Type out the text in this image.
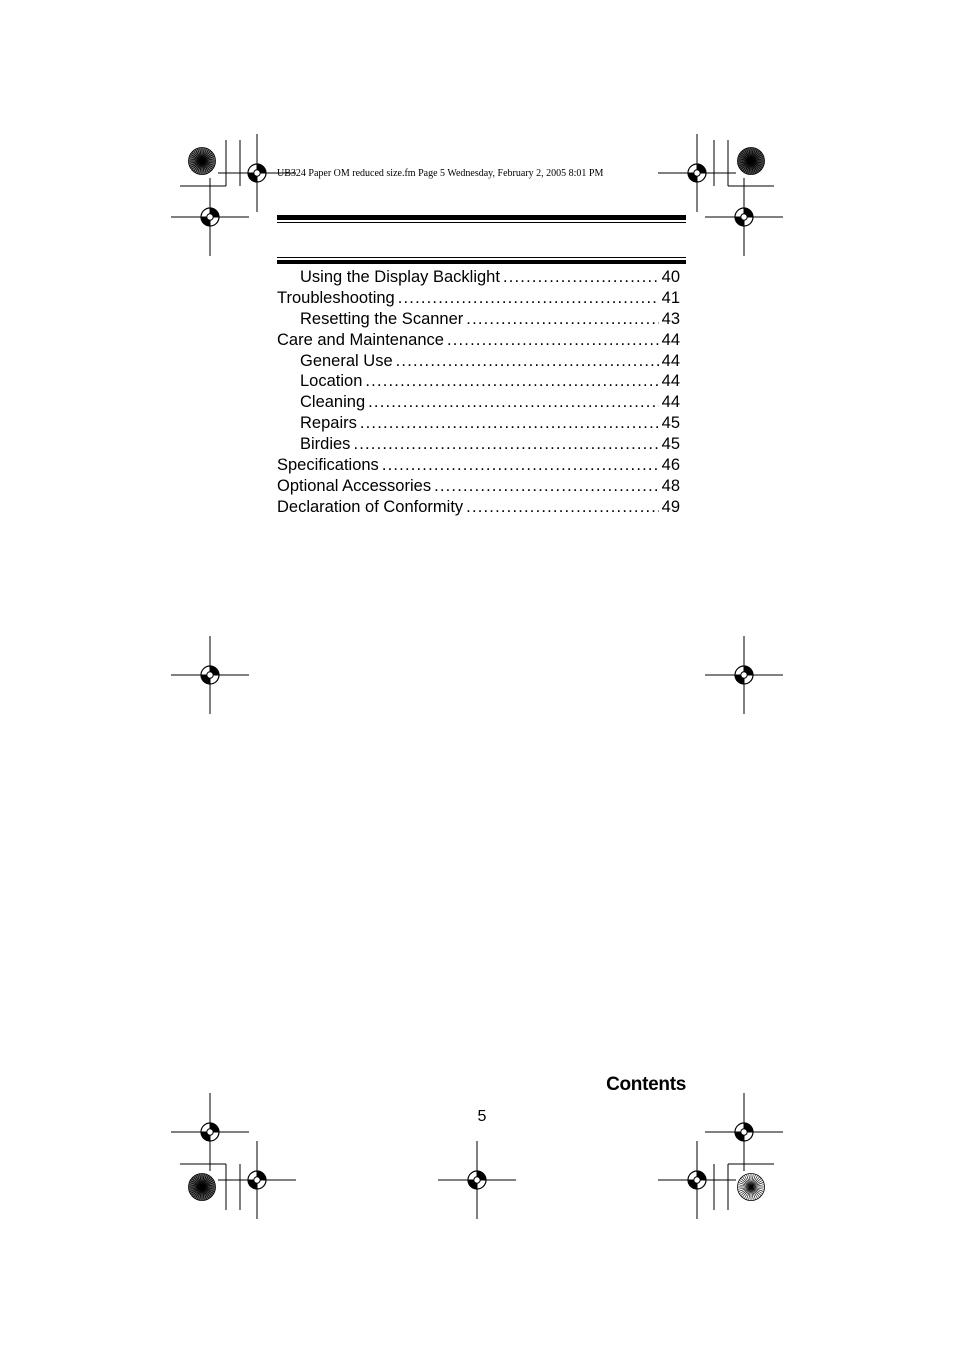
UB324 Paper OM reduced size.fm Page 5 Wednesday, February 2, 2005 8:01 PM
Using the Display Backlight .....	40
Troubleshooting .....	41
Resetting the Scanner .....	43
Care and Maintenance .....	44
General Use .....	44
Location .....	44
Cleaning .....	44
Repairs .....	45
Birdies .....	45
Specifications .....	46
Optional Accessories .....	48
Declaration of Conformity .....	49
Contents
5
